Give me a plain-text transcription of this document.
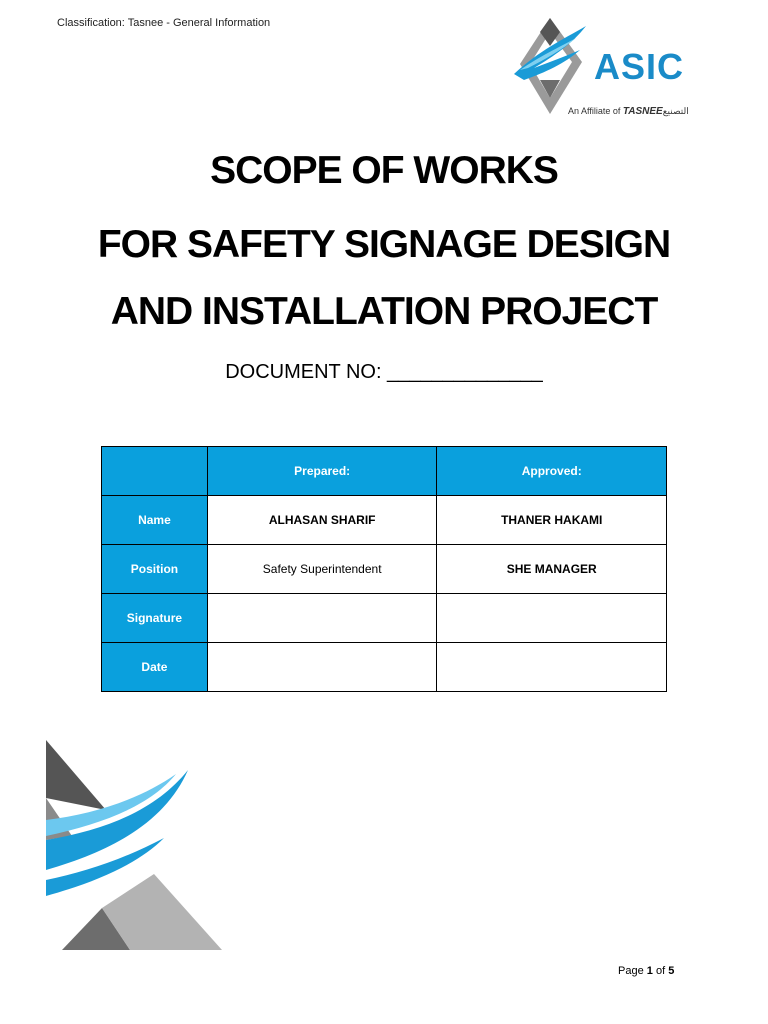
Classification: Tasnee - General Information
ASIC
An Affiliate of TASNEEالتصنيع
SCOPE OF WORKS
FOR SAFETY SIGNAGE DESIGN
AND INSTALLATION PROJECT
DOCUMENT NO: ______________
	Prepared:	Approved:
Name	ALHASAN SHARIF	THANER HAKAMI
Position	Safety Superintendent	SHE MANAGER
Signature		
Date		
Page 1 of 5
